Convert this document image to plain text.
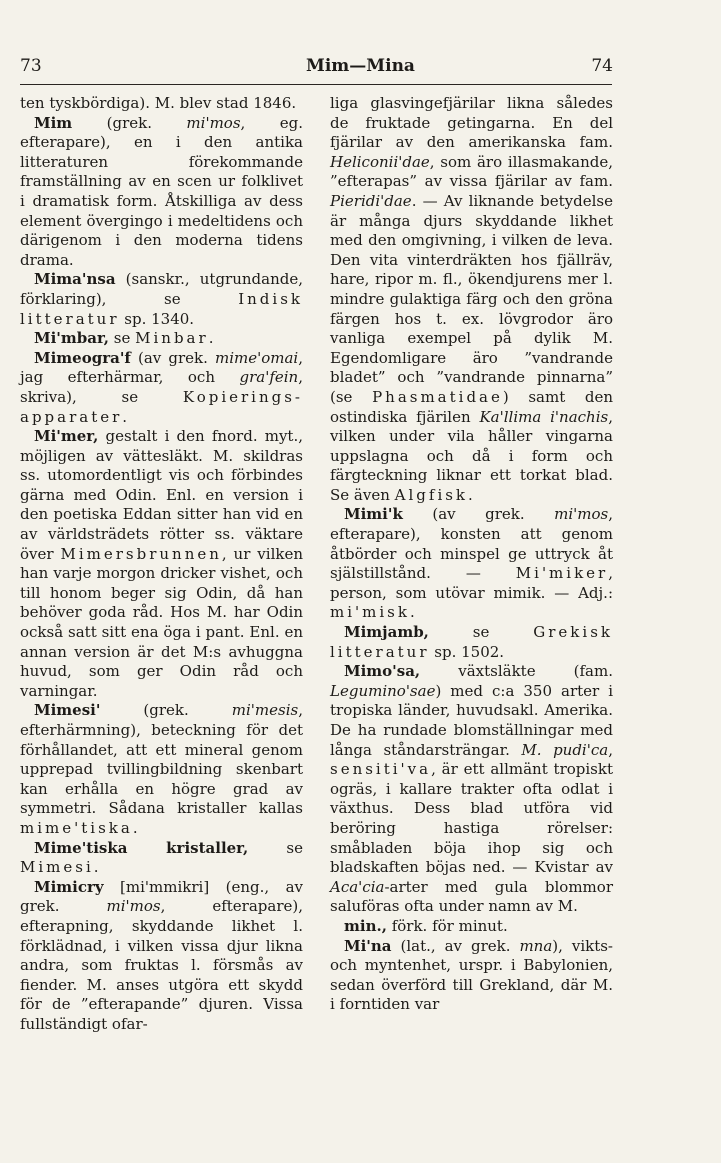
73	Mim—Mina	74

ten tyskbördiga). M. blev stad 1846.

Mim (grek. mi'mos, eg. efterapare), en i den antika litteraturen förekommande framställning av en scen ur folklivet i dramatisk form. Åtskilliga av dess element övergingo i medeltidens och därigenom i den moderna tidens drama.

Mima'nsa (sanskr., utgrundande, förklaring), se Indisk litteratur sp. 1340.

Mi'mbar, se Minbar.

Mimeogra'f (av grek. mime'omai, jag efterhärmar, och gra'fein, skriva), se Kopierings-apparater.

Mi'mer, gestalt i den fnord. myt., möjligen av vättesläkt. M. skildras ss. utomordentligt vis och förbindes gärna med Odin. Enl. en version i den poetiska Eddan sitter han vid en av världsträdets rötter ss. väktare över Mimersbrunnen, ur vilken han varje morgon dricker vishet, och till honom beger sig Odin, då han behöver goda råd. Hos M. har Odin också satt sitt ena öga i pant. Enl. en annan version är det M:s avhuggna huvud, som ger Odin råd och varningar.

Mimesi' (grek. mi'mesis, efterhärmning), beteckning för det förhållandet, att ett mineral genom upprepad tvillingbildning skenbart kan erhålla en högre grad av symmetri. Sådana kristaller kallas mime'tiska.

Mime'tiska kristaller, se Mimesi.

Mimicry [mi'mmikri] (eng., av grek. mi'mos, efterapare), efterapning, skyddande likhet l. förklädnad, i vilken vissa djur likna andra, som fruktas l. försmås av fiender. M. anses utgöra ett skydd för de ”efterapande” djuren. Vissa fullständigt ofar-

liga glasvingefjärilar likna således de fruktade getingarna. En del fjärilar av den amerikanska fam. Heliconii'dae, som äro illasmakande, ”efterapas” av vissa fjärilar av fam. Pieridi'dae. — Av liknande betydelse är många djurs skyddande likhet med den omgivning, i vilken de leva. Den vita vinterdräkten hos fjällräv, hare, ripor m. fl., ökendjurens mer l. mindre gulaktiga färg och den gröna färgen hos t. ex. lövgrodor äro vanliga exempel på dylik M. Egendomligare äro ”vandrande bladet” och ”vandrande pinnarna” (se Phasmatidae) samt den ostindiska fjärilen Ka'llima i'nachis, vilken under vila håller vingarna uppslagna och då i form och färgteckning liknar ett torkat blad. Se även Algfisk.

Mimi'k (av grek. mi'mos, efterapare), konsten att genom åtbörder och minspel ge uttryck åt själstillstånd. — Mi'miker, person, som utövar mimik. — Adj.: mi'misk.

Mimjamb, se Grekisk litteratur sp. 1502.

Mimo'sa, växtsläkte (fam. Legumino'sae) med c:a 350 arter i tropiska länder, huvudsakl. Amerika. De ha rundade blomställningar med långa ståndarsträngar. M. pudi'ca, sensiti'va, är ett allmänt tropiskt ogräs, i kallare trakter ofta odlat i växthus. Dess blad utföra vid beröring hastiga rörelser: småbladen böja ihop sig och bladskaften böjas ned. — Kvistar av Aca'cia-arter med gula blommor saluföras ofta under namn av M.

min., förk. för minut.

Mi'na (lat., av grek. mna), vikts- och myntenhet, urspr. i Babylonien, sedan överförd till Grekland, där M. i forntiden var
